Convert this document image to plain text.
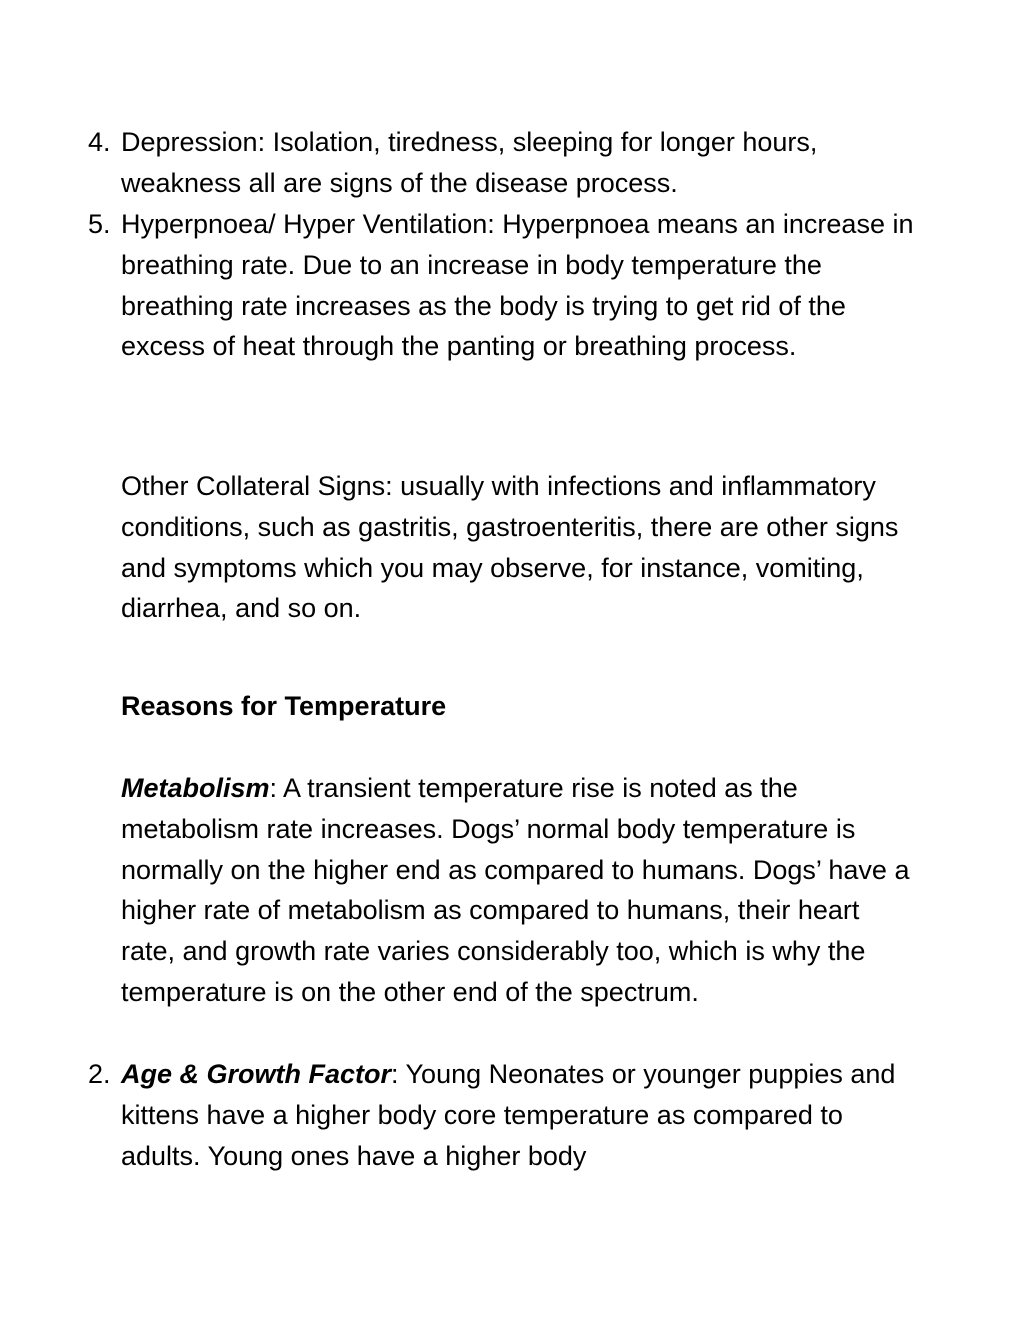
4. Depression: Isolation, tiredness, sleeping for longer hours, weakness all are signs of the disease process.
5. Hyperpnoea/ Hyper Ventilation: Hyperpnoea means an increase in breathing rate. Due to an increase in body temperature the breathing rate increases as the body is trying to get rid of the excess of heat through the panting or breathing process.
Other Collateral Signs: usually with infections and inflammatory conditions, such as gastritis, gastroenteritis, there are other signs and symptoms which you may observe, for instance, vomiting, diarrhea, and so on.
Reasons for Temperature
Metabolism: A transient temperature rise is noted as the metabolism rate increases. Dogs’ normal body temperature is normally on the higher end as compared to humans. Dogs’ have a higher rate of metabolism as compared to humans, their heart rate, and growth rate varies considerably too, which is why the temperature is on the other end of the spectrum.
2. Age & Growth Factor: Young Neonates or younger puppies and kittens have a higher body core temperature as compared to adults. Young ones have a higher body
